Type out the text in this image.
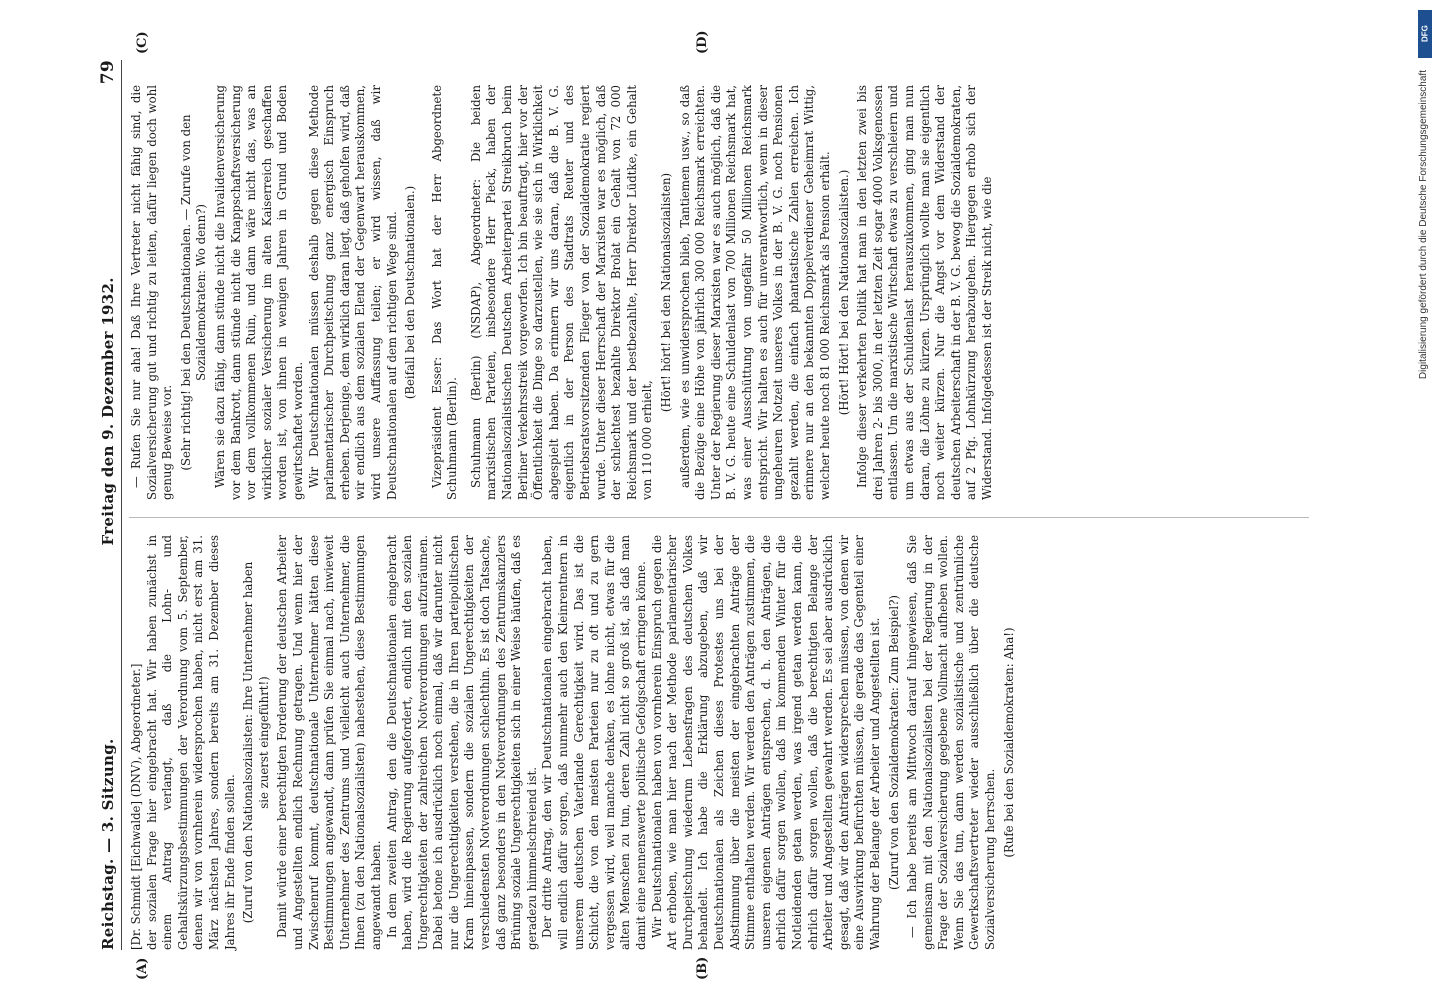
Reichstag. — 3. Sitzung.
Freitag den 9. Dezember 1932.
79
(A)	(B)
(C)	(D)

[Dr. Schmidt [Eichwalde] (DNV), Abgeordneter.] der sozialen Frage hier eingebracht hat. Wir haben zunächst in einem Antrag verlangt, daß die Lohn- und Gehaltskürzungsbestimmungen der Verordnung vom 5. September, denen wir von vornherein widersprochen haben, nicht erst am 31. März nächsten Jahres, sondern bereits am 31. Dezember dieses Jahres ihr Ende finden sollen. (Zuruf von den Nationalsozialisten: Ihre Unternehmer haben sie zuerst eingeführt!) Damit würde einer berechtigten Forderung der deutschen Arbeiter und Angestellten endlich Rechnung getragen. Und wenn hier der Zwischenruf kommt, deutschnationale Unternehmer hätten diese Bestimmungen angewandt, dann prüfen Sie einmal nach, inwieweit Unternehmer des Zentrums und vielleicht auch Unternehmer, die Ihnen (zu den Nationalsozialisten) nahestehen, diese Bestimmungen angewandt haben. In dem zweiten Antrag, den die Deutschnationalen eingebracht haben, wird die Regierung aufgefordert, endlich mit den sozialen Ungerechtigkeiten der zahlreichen Notverordnungen aufzuräumen. Dabei betone ich ausdrücklich noch einmal, daß wir darunter nicht nur die Ungerechtigkeiten verstehen, die in Ihren parteipolitischen Kram hineinpassen, sondern die sozialen Ungerechtigkeiten der verschiedensten Notverordnungen schlechthin. Es ist doch Tatsache, daß ganz besonders in den Notverordnungen des Zentrumskanzlers Brüning soziale Ungerechtigkeiten sich in einer Weise häufen, daß es geradezu himmelschreiend ist. Der dritte Antrag, den wir Deutschnationalen eingebracht haben, will endlich dafür sorgen, daß nunmehr auch den Kleinrentnern in unserem deutschen Vaterlande Gerechtigkeit wird. Das ist die Schicht, die von den meisten Parteien nur zu oft und zu gern vergessen wird, weil manche denken, es lohne nicht, etwas für die alten Menschen zu tun, deren Zahl nicht so groß ist, als daß man damit eine nennenswerte politische Gefolgschaft erringen könne. Wir Deutschnationalen haben von vornherein Einspruch gegen die Art erhoben, wie man hier nach der Methode parlamentarischer Durchpeitschung wiederum Lebensfragen des deutschen Volkes behandelt. Ich habe die Erklärung abzugeben, daß wir Deutschnationalen als Zeichen dieses Protestes uns bei der Abstimmung über die meisten der eingebrachten Anträge der Stimme enthalten werden. Wir werden den Anträgen zustimmen, die unseren eigenen Anträgen entsprechen, d. h. den Anträgen, die ehrlich dafür sorgen wollen, daß im kommenden Winter für die Notleidenden getan werden, was irgend getan werden kann, die ehrlich dafür sorgen wollen, daß die berechtigten Belange der Arbeiter und Angestellten gewahrt werden. Es sei aber ausdrücklich gesagt, daß wir den Anträgen widersprechen müssen, von denen wir eine Auswirkung befürchten müssen, die gerade das Gegenteil einer Wahrung der Belange der Arbeiter und Angestellten ist. (Zuruf von den Sozialdemokraten: Zum Beispiel?) — Ich habe bereits am Mittwoch darauf hingewiesen, daß Sie gemeinsam mit den Nationalsozialisten bei der Regierung in der Frage der Sozialversicherung gegebene Vollmacht aufheben wollen. Wenn Sie das tun, dann werden sozialistische und zentrümliche Gewerkschaftsvertreter wieder ausschließlich über die deutsche Sozialversicherung herrschen.

(Rufe bei den Sozialdemokraten: Aha!)

— Rufen Sie nur aha! Daß Ihre Vertreter nicht fähig sind, die Sozialversicherung gut und richtig zu leiten, dafür liegen doch wohl genug Beweise vor. (Sehr richtig! bei den Deutschnationalen. — Zurufe von den Sozialdemokraten: Wo denn?) Wären sie dazu fähig, dann stünde nicht die Invalidenversicherung vor dem Bankrott, dann stünde nicht die Knappschaftsversicherung vor dem vollkommenen Ruin, und dann wäre nicht das, was an wirklicher sozialer Versicherung im alten Kaiserreich geschaffen worden ist, von ihnen in wenigen Jahren in Grund und Boden gewirtschaftet worden. Wir Deutschnationalen müssen deshalb gegen diese Methode parlamentarischer Durchpeitschung ganz energisch Einspruch erheben. Derjenige, dem wirklich daran liegt, daß geholfen wird, daß wir endlich aus dem sozialen Elend der Gegenwart herauskommen, wird unsere Auffassung teilen; er wird wissen, daß wir Deutschnationalen auf dem richtigen Wege sind. (Beifall bei den Deutschnationalen.) Vizepräsident Esser: Das Wort hat der Herr Abgeordnete Schuhmann (Berlin). Schuhmann (Berlin) (NSDAP), Abgeordneter: Die beiden marxistischen Parteien, insbesondere Herr Pieck, haben der Nationalsozialistischen Deutschen Arbeiterpartei Streikbruch beim Berliner Verkehrsstreik vorgeworfen. Ich bin beauftragt, hier vor der Öffentlichkeit die Dinge so darzustellen, wie sie sich in Wirklichkeit abgespielt haben. Da erinnern wir uns daran, daß die B. V. G. eigentlich in der Person des Stadtrats Reuter und des Betriebsratsvorsitzenden Flieger von der Sozialdemokratie regiert wurde. Unter dieser Herrschaft der Marxisten war es möglich, daß der schlechtest bezahlte Direktor Brolat ein Gehalt von 72 000 Reichsmark und der bestbezahlte, Herr Direktor Lüdtke, ein Gehalt von 110 000 erhielt,

(Hört! hört! bei den Nationalsozialisten) außerdem, wie es unwidersprochen blieb, Tantiemen usw., so daß die Bezüge eine Höhe von jährlich 300 000 Reichsmark erreichten. Unter der Regierung dieser Marxisten war es auch möglich, daß die B. V. G. heute eine Schuldenlast von 700 Millionen Reichsmark hat, was einer Ausschüttung von ungefähr 50 Millionen Reichsmark entspricht. Wir halten es auch für unverantwortlich, wenn in dieser ungeheuren Notzeit unseres Volkes in der B. V. G. noch Pensionen gezahlt werden, die einfach phantastische Zahlen erreichen. Ich erinnere nur an den bekannten Doppelverdiener Geheimrat Wittig, welcher heute noch 81 000 Reichsmark als Pension erhält. (Hört! Hört! bei den Nationalsozialisten.) Infolge dieser verkehrten Politik hat man in den letzten zwei bis drei Jahren 2- bis 3000, in der letzten Zeit sogar 4000 Volksgenossen entlassen. Um die marxistische Wirtschaft etwas zu verschleiern und um etwas aus der Schuldenlast herauszukommen, ging man nun daran, die Löhne zu kürzen. Ursprünglich wollte man sie eigentlich noch weiter kürzen. Nur die Angst vor dem Widerstand der deutschen Arbeiterschaft in der B. V. G. bewog die Sozialdemokraten, auf 2 Pfg. Lohnkürzung herabzugehen. Hiergegen erhob sich der Widerstand. Infolgedessen ist der Streik nicht, wie die

DFG
Digitalisierung gefördert durch die Deutsche Forschungsgemeinschaft
